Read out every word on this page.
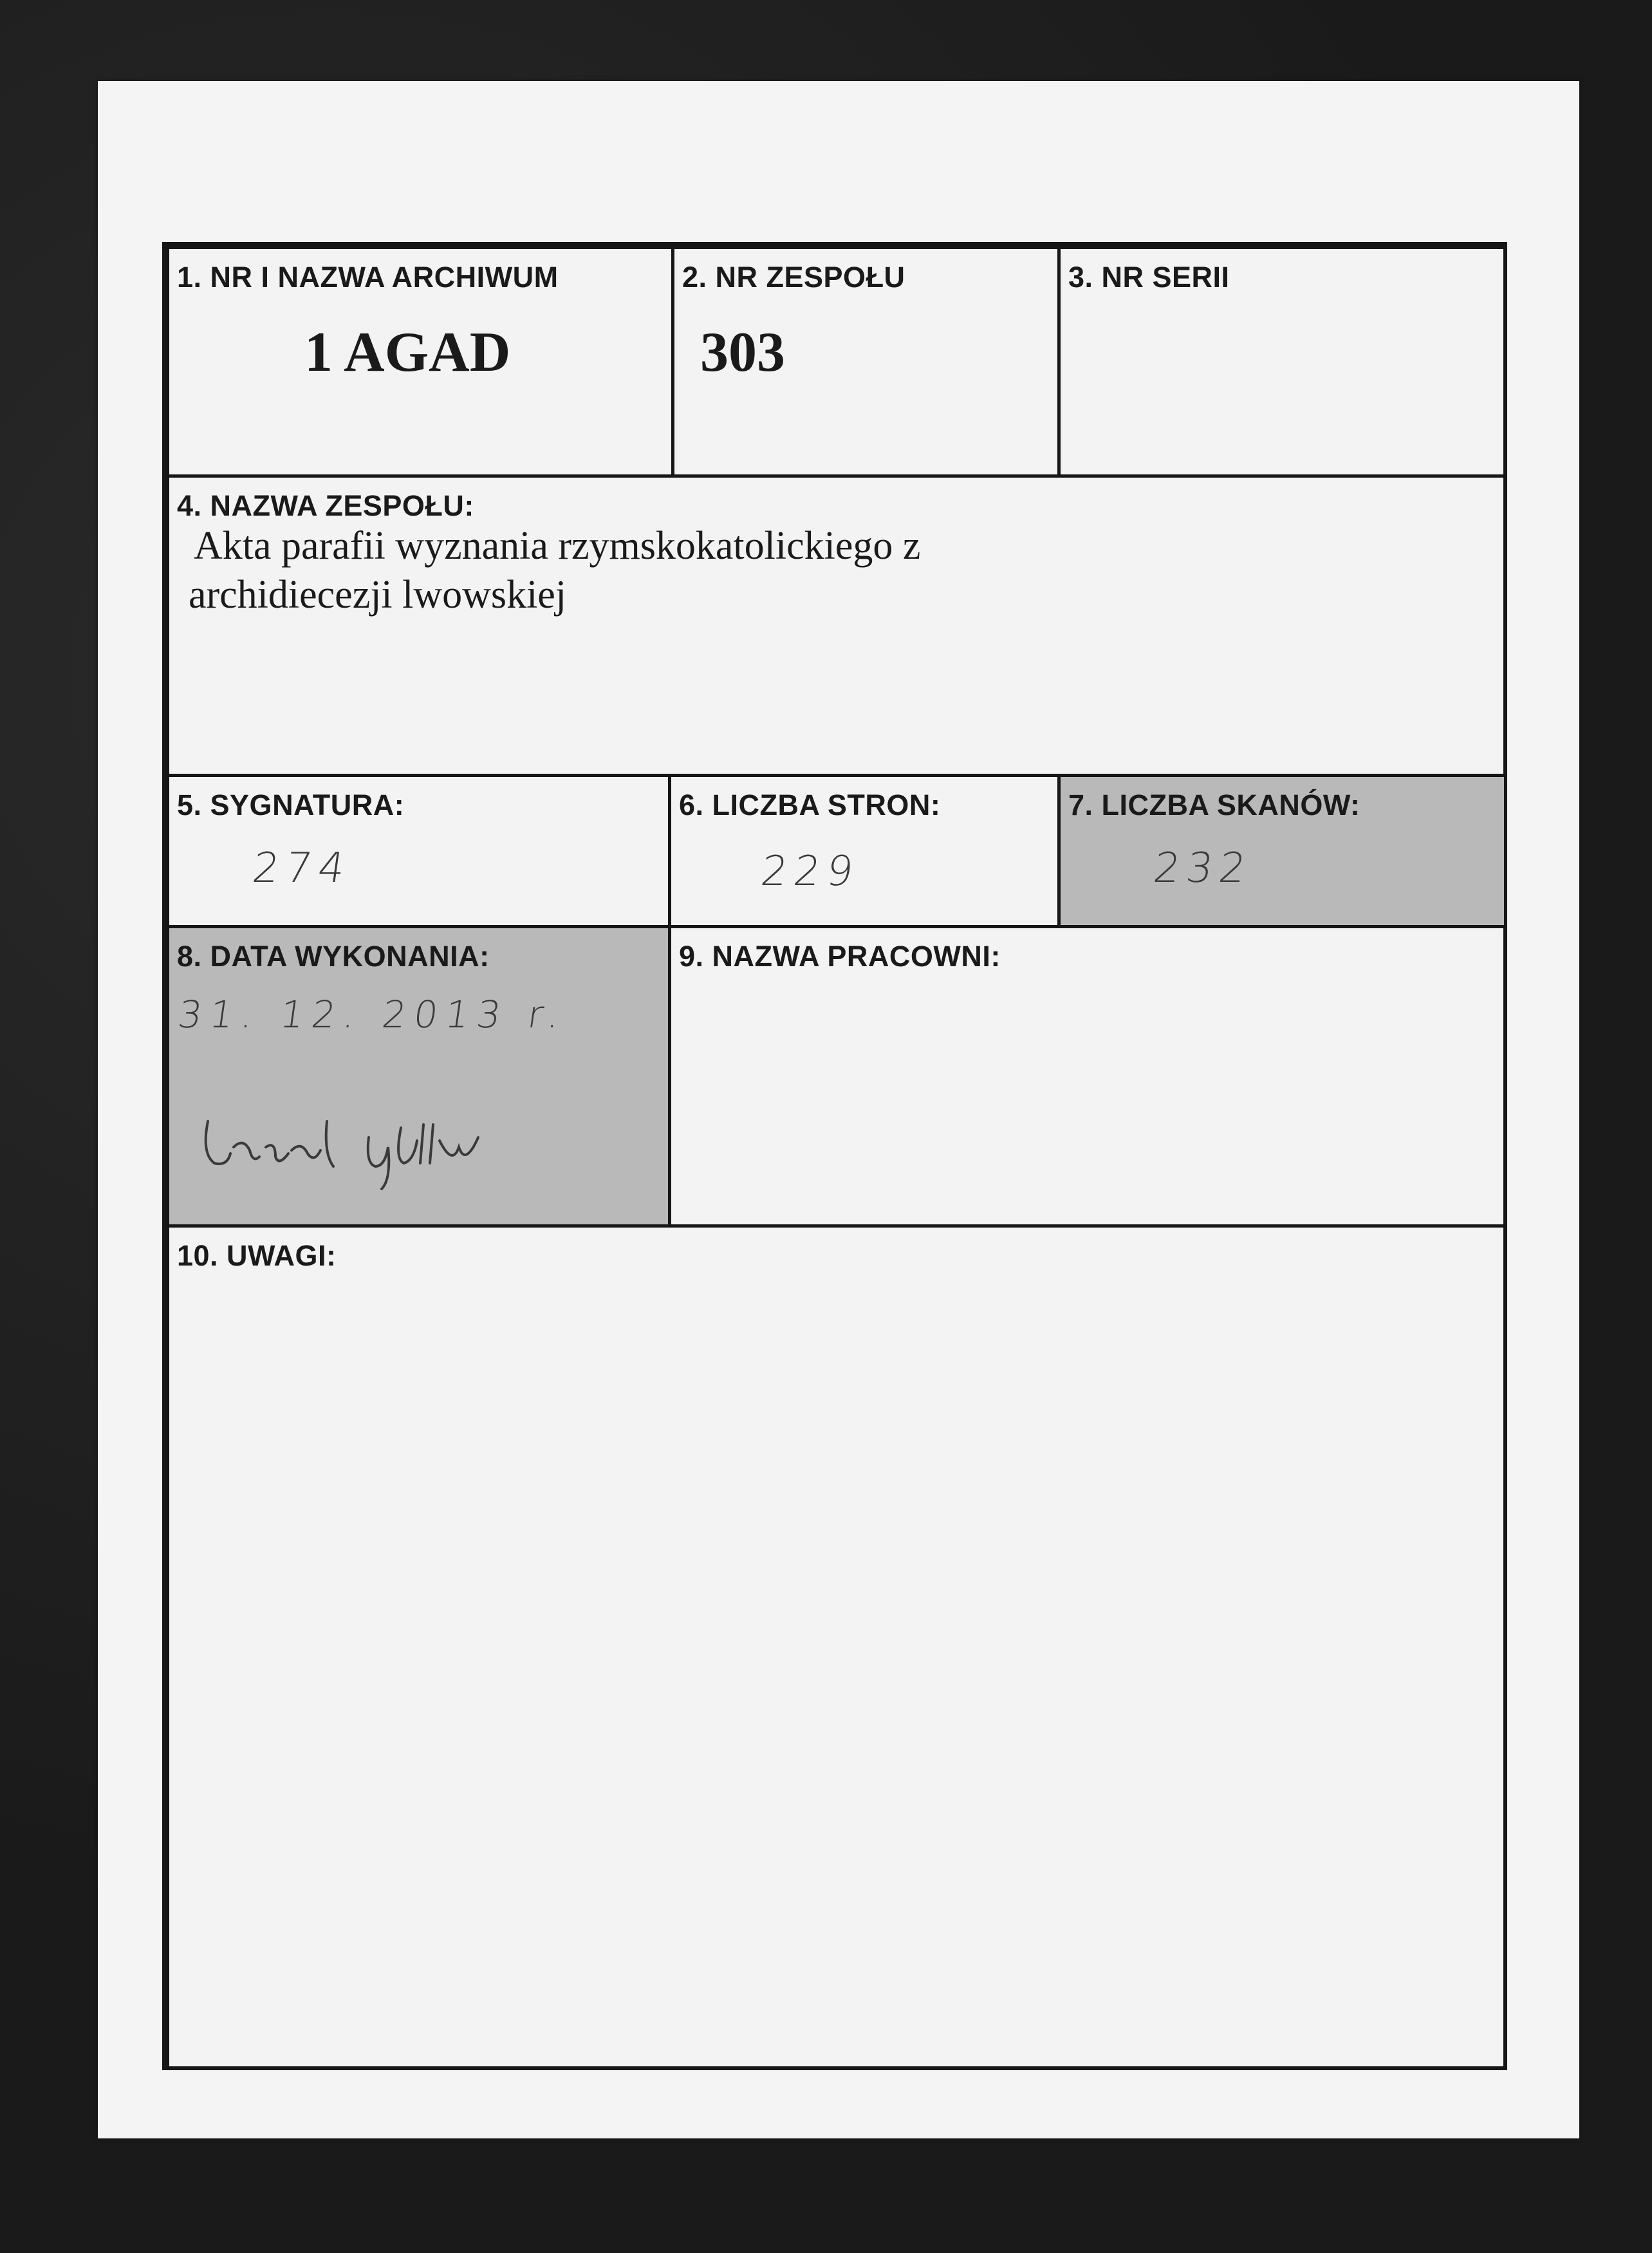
1. NR I NAZWA ARCHIWUM
1 AGAD
2. NR ZESPOŁU
303
3. NR SERII
4. NAZWA ZESPOŁU:
Akta parafii wyznania rzymskokatolickiego z
archidiecezji lwowskiej
5. SYGNATURA:
274
6. LICZBA STRON:
229
7. LICZBA SKANÓW:
232
8. DATA WYKONANIA:
31. 12. 2013 r.
9. NAZWA PRACOWNI:
10. UWAGI:
